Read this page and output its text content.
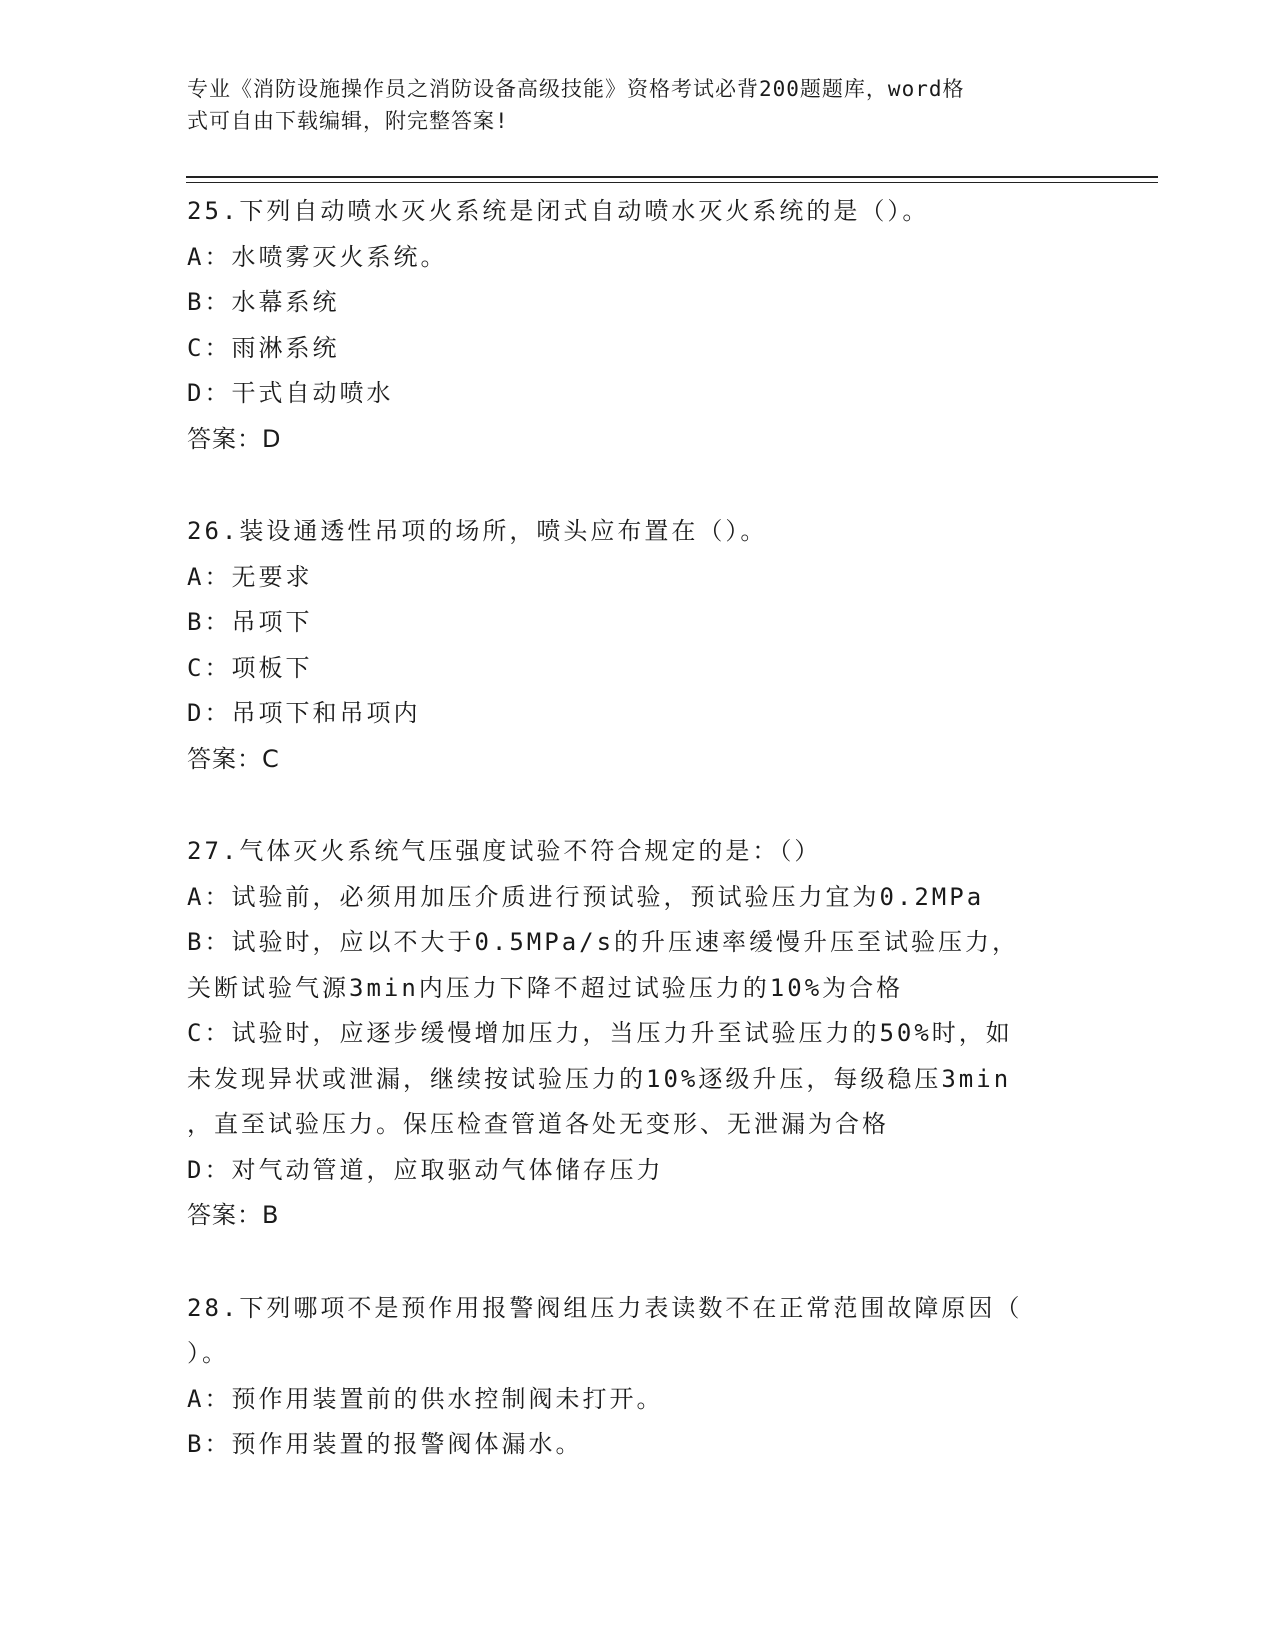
专业《消防设施操作员之消防设备高级技能》资格考试必背200题题库，word格
式可自由下载编辑，附完整答案!
25.下列自动喷水灭火系统是闭式自动喷水灭火系统的是（）。
A：水喷雾灭火系统。
B：水幕系统
C：雨淋系统
D：干式自动喷水
答案：D
26.装设通透性吊项的场所，喷头应布置在（）。
A：无要求
B：吊项下
C：项板下
D：吊项下和吊项内
答案：C
27.气体灭火系统气压强度试验不符合规定的是：（）
A：试验前，必须用加压介质进行预试验，预试验压力宜为0.2MPa
B：试验时，应以不大于0.5MPa/s的升压速率缓慢升压至试验压力，
关断试验气源3min内压力下降不超过试验压力的10%为合格
C：试验时，应逐步缓慢增加压力，当压力升至试验压力的50%时，如
未发现异状或泄漏，继续按试验压力的10%逐级升压，每级稳压3min
，直至试验压力。保压检查管道各处无变形、无泄漏为合格
D：对气动管道，应取驱动气体储存压力
答案：B
28.下列哪项不是预作用报警阀组压力表读数不在正常范围故障原因（
）。
A：预作用装置前的供水控制阀未打开。
B：预作用装置的报警阀体漏水。
